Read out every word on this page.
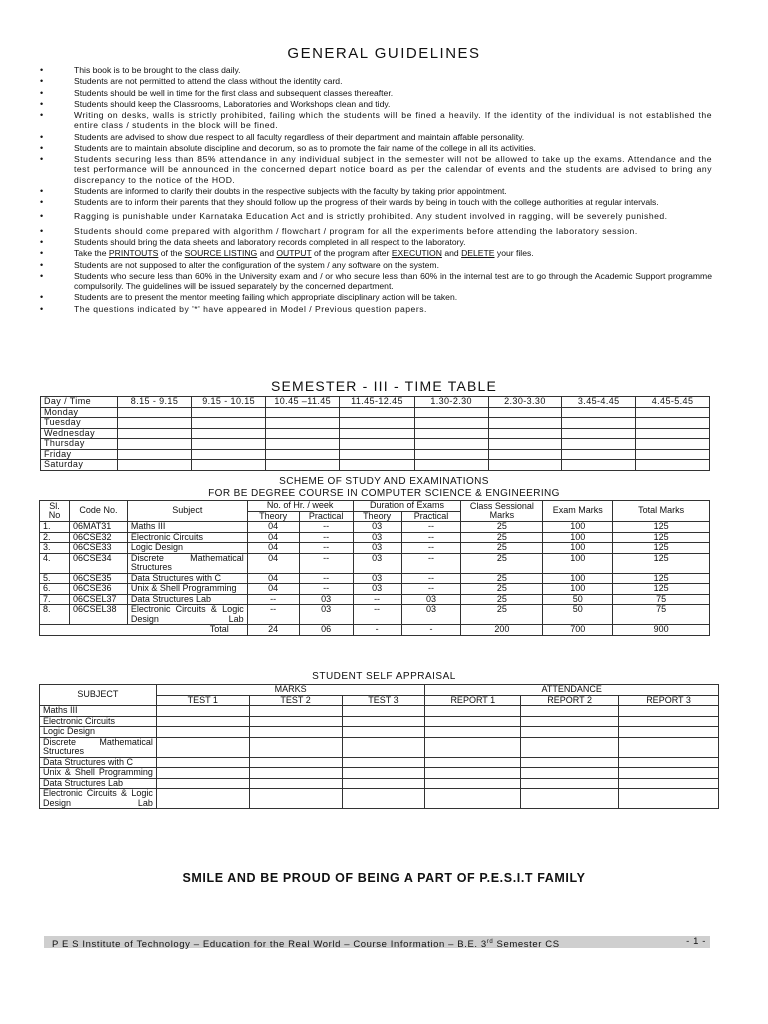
GENERAL GUIDELINES
•	This book is to be brought to the class daily.
•	Students are not permitted to attend the class without the identity card.
•	Students should be well in time for the first class and subsequent classes thereafter.
•	Students should keep the Classrooms, Laboratories and Workshops clean and tidy.
•	Writing on desks, walls is strictly prohibited, failing which the students will be fined a heavily. If the identity of the individual is not established the entire class / students in the block will be fined.
•	Students are advised to show due respect to all faculty regardless of their department and maintain affable personality.
•	Students are to maintain absolute discipline and decorum, so as to promote the fair name of the college in all its activities.
•	Students securing less than 85% attendance in any individual subject in the semester will not be allowed to take up the exams. Attendance and the test performance will be announced in the concerned depart notice board as per the calendar of events and the students are advised to bring any discrepancy to the notice of the HOD.
•	Students are informed to clarify their doubts in the respective subjects with the faculty by taking prior appointment.
•	Students are to inform their parents that they should follow up the progress of their wards by being in touch with the college authorities at regular intervals.
•	Ragging is punishable under Karnataka Education Act and is strictly prohibited. Any student involved in ragging, will be severely punished.
•	Students should come prepared with algorithm / flowchart / program for all the experiments before attending the laboratory session.
•	Students should bring the data sheets and laboratory records completed in all respect to the laboratory.
•	Take the PRINTOUTS of the SOURCE LISTING and OUTPUT of the program after EXECUTION and DELETE your files.
•	Students are not supposed to alter the configuration of the system / any software on the system.
•	Students who secure less than 60% in the University exam and / or who secure less than 60% in the internal test are to go through the Academic Support programme compulsorily. The guidelines will be issued separately by the concerned department.
•	Students are to present the mentor meeting failing which appropriate disciplinary action will be taken.
•	The questions indicated by '*' have appeared in Model / Previous question papers.
SEMESTER - III - TIME TABLE
Day / Time	8.15 - 9.15	9.15 - 10.15	10.45 –11.45	11.45-12.45	1.30-2.30	2.30-3.30	3.45-4.45	4.45-5.45
Monday								
Tuesday								
Wednesday								
Thursday								
Friday								
Saturday								
SCHEME OF STUDY AND EXAMINATIONS
FOR BE DEGREE COURSE IN COMPUTER SCIENCE & ENGINEERING
Sl. No	Code No.	Subject	No. of Hr. / week		Duration of Exams		Class Sessional Marks	Exam Marks	Total Marks
			Theory	Practical	Theory	Practical			
1.	06MAT31	Maths III	04	--	03	--	25	100	125
2.	06CSE32	Electronic Circuits	04	--	03	--	25	100	125
3.	06CSE33	Logic Design	04	--	03	--	25	100	125
4.	06CSE34	Discrete Mathematical Structures	04	--	03	--	25	100	125
5.	06CSE35	Data Structures with C	04	--	03	--	25	100	125
6.	06CSE36	Unix & Shell Programming	04	--	03	--	25	100	125
7.	06CSEL37	Data Structures Lab	--	03	--	03	25	50	75
8.	06CSEL38	Electronic Circuits & Logic Design Lab	--	03	--	03	25	50	75
Total			24	06	-	-	200	700	900
STUDENT SELF APPRAISAL
SUBJECT	MARKS			ATTENDANCE		
	TEST 1	TEST 2	TEST 3	REPORT 1	REPORT 2	REPORT 3
Maths III						
Electronic Circuits						
Logic Design						
Discrete Mathematical Structures						
Data Structures with C						
Unix & Shell Programming						
Data Structures Lab						
Electronic Circuits & Logic Design Lab						
SMILE AND BE PROUD OF BEING A PART OF P.E.S.I.T FAMILY
P E S Institute of Technology – Education for the Real World – Course Information – B.E. 3rd Semester CS	- 1 -
